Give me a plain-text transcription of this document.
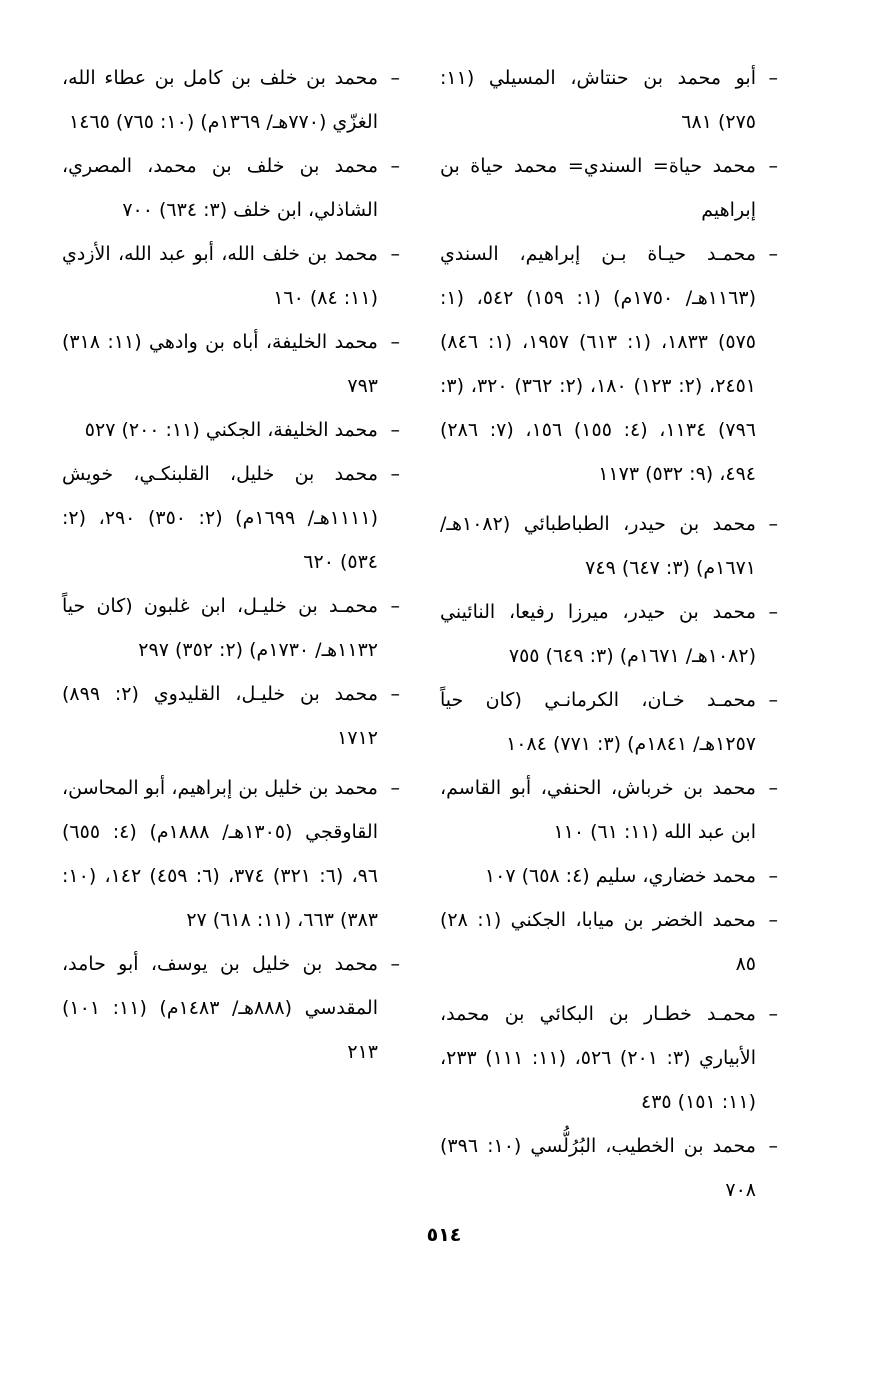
–
أبو محمد بن حنتاش، المسيلي (١١: ٢٧٥) ٦٨١
–
محمد حياة= السندي= محمد حياة بن إبراهيم
–
محمـد حيـاة بـن إبراهيم، السندي (١١٦٣هـ/ ١٧٥٠م) (١: ١٥٩) ٥٤٢، (١: ٥٧٥) ١٨٣٣، (١: ٦١٣) ١٩٥٧، (١: ٨٤٦) ٢٤٥١، (٢: ١٢٣) ١٨٠، (٢: ٣٦٢) ٣٢٠، (٣: ٧٩٦) ١١٣٤، (٤: ١٥٥) ١٥٦، (٧: ٢٨٦) ٤٩٤، (٩: ٥٣٢) ١١٧٣
–
محمد بن حيدر، الطباطبائي (١٠٨٢هـ/ ١٦٧١م) (٣: ٦٤٧) ٧٤٩
–
محمد بن حيدر، ميرزا رفيعا، النائيني (١٠٨٢هـ/ ١٦٧١م) (٣: ٦٤٩) ٧٥٥
–
محمـد خـان، الكرمانـي (كان حياً ١٢٥٧هـ/ ١٨٤١م) (٣: ٧٧١) ١٠٨٤
–
محمد بن خرباش، الحنفي، أبو القاسم، ابن عبد الله (١١: ٦١) ١١٠
–
محمد خضاري، سليم (٤: ٦٥٨) ١٠٧
–
محمد الخضر بن ميابا، الجكني (١: ٢٨) ٨٥
–
محمـد خطـار بن البكائي بن محمد، الأبياري (٣: ٢٠١) ٥٢٦، (١١: ١١١) ٢٣٣، (١١: ١٥١) ٤٣٥
–
محمد بن الخطيب، البُرُلُّسي (١٠: ٣٩٦) ٧٠٨
–
محمد بن خلف بن كامل بن عطاء الله، الغزّي (٧٧٠هـ/ ١٣٦٩م) (١٠: ٧٦٥) ١٤٦٥
–
محمد بن خلف بن محمد، المصري، الشاذلي، ابن خلف (٣: ٦٣٤) ٧٠٠
–
محمد بن خلف الله، أبو عبد الله، الأزدي (١١: ٨٤) ١٦٠
–
محمد الخليفة، أباه بن وادهي (١١: ٣١٨) ٧٩٣
–
محمد الخليفة، الجكني (١١: ٢٠٠) ٥٢٧
–
محمد بن خليل، القلبنكـي، خويش (١١١١هـ/ ١٦٩٩م) (٢: ٣٥٠) ٢٩٠، (٢: ٥٣٤) ٦٢٠
–
محمـد بن خليـل، ابن غلبون (كان حياً ١١٣٢هـ/ ١٧٣٠م) (٢: ٣٥٢) ٢٩٧
–
محمد بن خليـل، القليدوي (٢: ٨٩٩) ١٧١٢
–
محمد بن خليل بن إبراهيم، أبو المحاسن، القاوقجي (١٣٠٥هـ/ ١٨٨٨م) (٤: ٦٥٥) ٩٦، (٦: ٣٢١) ٣٧٤، (٦: ٤٥٩) ١٤٢، (١٠: ٣٨٣) ٦٦٣، (١١: ٦١٨) ٢٧
–
محمد بن خليل بن يوسف، أبو حامد، المقدسي (٨٨٨هـ/ ١٤٨٣م) (١١: ١٠١) ٢١٣
٥١٤
